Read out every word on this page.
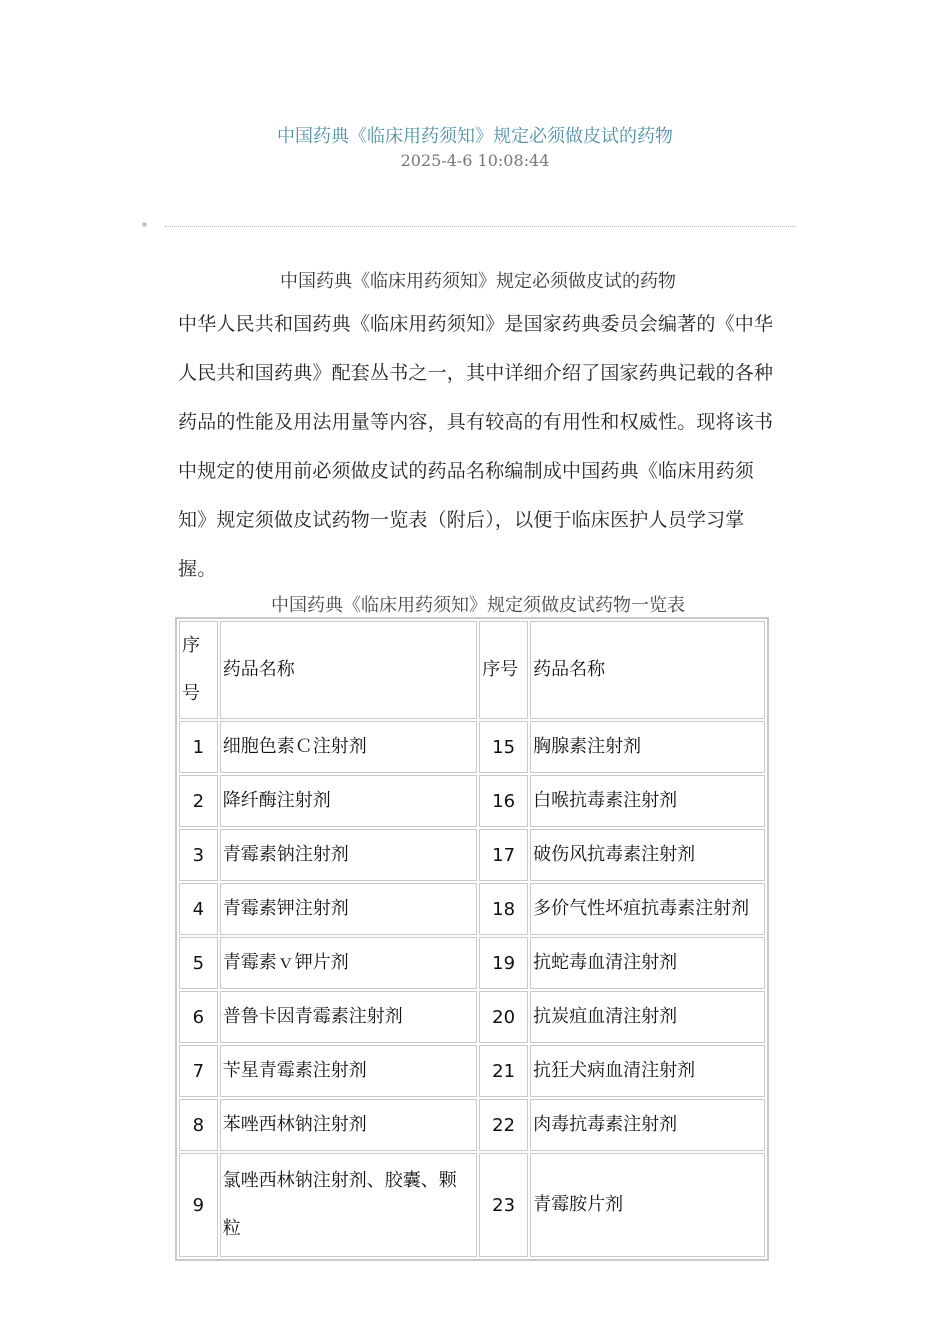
中国药典《临床用药须知》规定必须做皮试的药物
2025-4-6 10:08:44
■
中国药典《临床用药须知》规定必须做皮试的药物
中华人民共和国药典《临床用药须知》是国家药典委员会编著的《中华人民共和国药典》配套丛书之一，其中详细介绍了国家药典记载的各种药品的性能及用法用量等内容，具有较高的有用性和权威性。现将该书中规定的使用前必须做皮试的药品名称编制成中国药典《临床用药须知》规定须做皮试药物一览表（附后），以便于临床医护人员学习掌握。
中国药典《临床用药须知》规定须做皮试药物一览表
序号	药品名称	序号	药品名称
1	细胞色素Ｃ注射剂	15	胸腺素注射剂
2	降纤酶注射剂	16	白喉抗毒素注射剂
3	青霉素钠注射剂	17	破伤风抗毒素注射剂
4	青霉素钾注射剂	18	多价气性坏疽抗毒素注射剂
5	青霉素ｖ钾片剂	19	抗蛇毒血清注射剂
6	普鲁卡因青霉素注射剂	20	抗炭疽血清注射剂
7	苄星青霉素注射剂	21	抗狂犬病血清注射剂
8	苯唑西林钠注射剂	22	肉毒抗毒素注射剂
9	氯唑西林钠注射剂、胶囊、颗粒	23	青霉胺片剂
